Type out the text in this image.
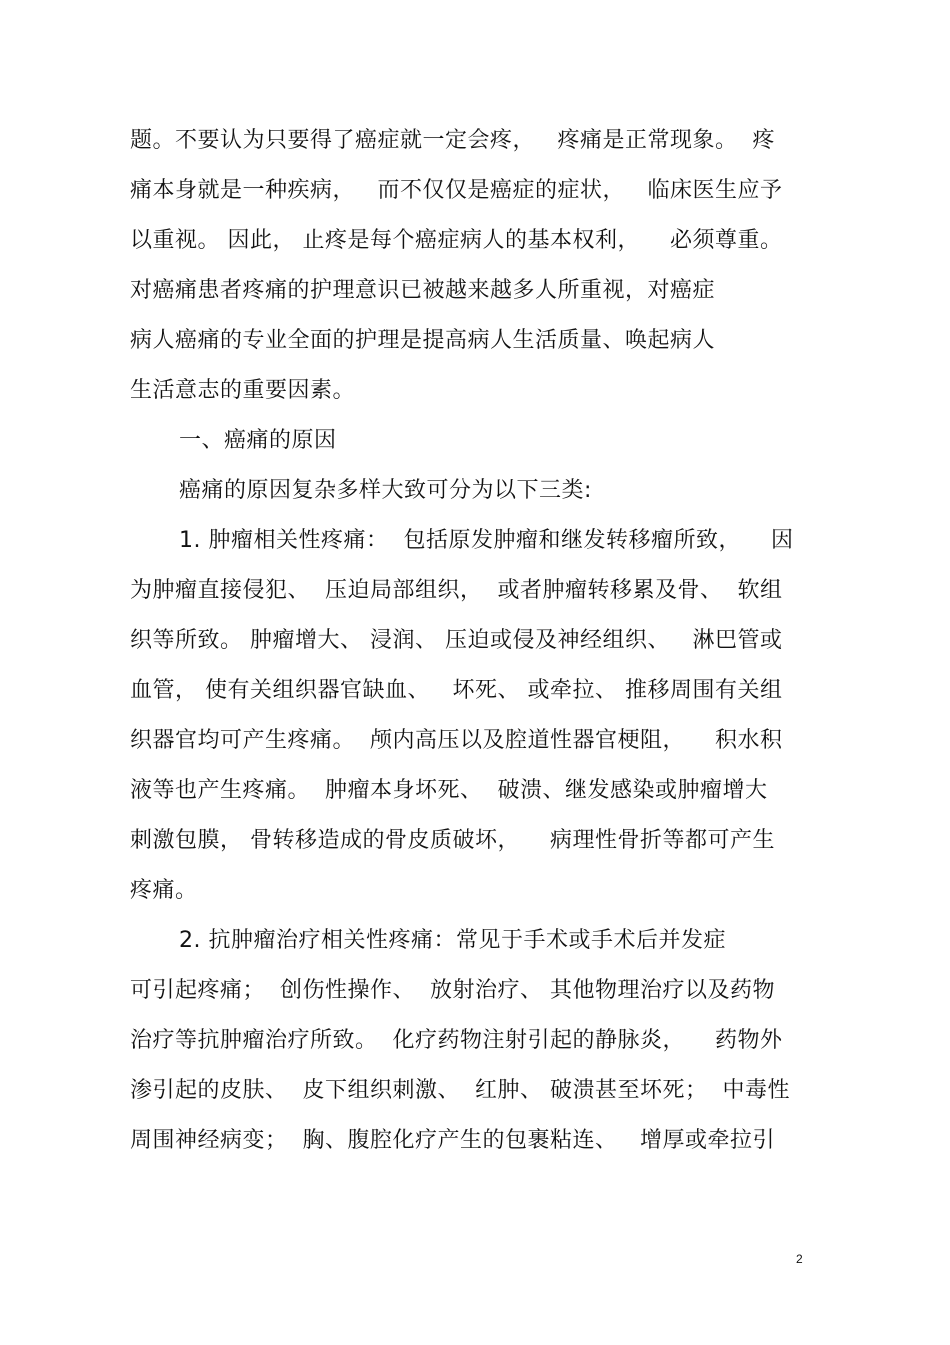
题。不要认为只要得了癌症就一定会疼，   疼痛是正常现象。  疼
痛本身就是一种疾病，   而不仅仅是癌症的症状，   临床医生应予
以重视。 因此， 止疼是每个癌症病人的基本权利，    必须尊重。
对癌痛患者疼痛的护理意识已被越来越多人所重视，对癌症
病人癌痛的专业全面的护理是提高病人生活质量、唤起病人
生活意志的重要因素。
一、癌痛的原因
癌痛的原因复杂多样大致可分为以下三类:
1. 肿瘤相关性疼痛：  包括原发肿瘤和继发转移瘤所致，    因
为肿瘤直接侵犯、  压迫局部组织，  或者肿瘤转移累及骨、  软组
织等所致。 肿瘤增大、 浸润、 压迫或侵及神经组织、   淋巴管或
血管， 使有关组织器官缺血、   坏死、 或牵拉、 推移周围有关组
织器官均可产生疼痛。  颅内高压以及腔道性器官梗阻，    积水积
液等也产生疼痛。  肿瘤本身坏死、  破溃、继发感染或肿瘤增大
刺激包膜， 骨转移造成的骨皮质破坏，    病理性骨折等都可产生
疼痛。
2. 抗肿瘤治疗相关性疼痛：常见于手术或手术后并发症
可引起疼痛；  创伤性操作、  放射治疗、 其他物理治疗以及药物
治疗等抗肿瘤治疗所致。  化疗药物注射引起的静脉炎，    药物外
渗引起的皮肤、  皮下组织刺激、  红肿、 破溃甚至坏死；  中毒性
周围神经病变；  胸、腹腔化疗产生的包裹粘连、   增厚或牵拉引
2
